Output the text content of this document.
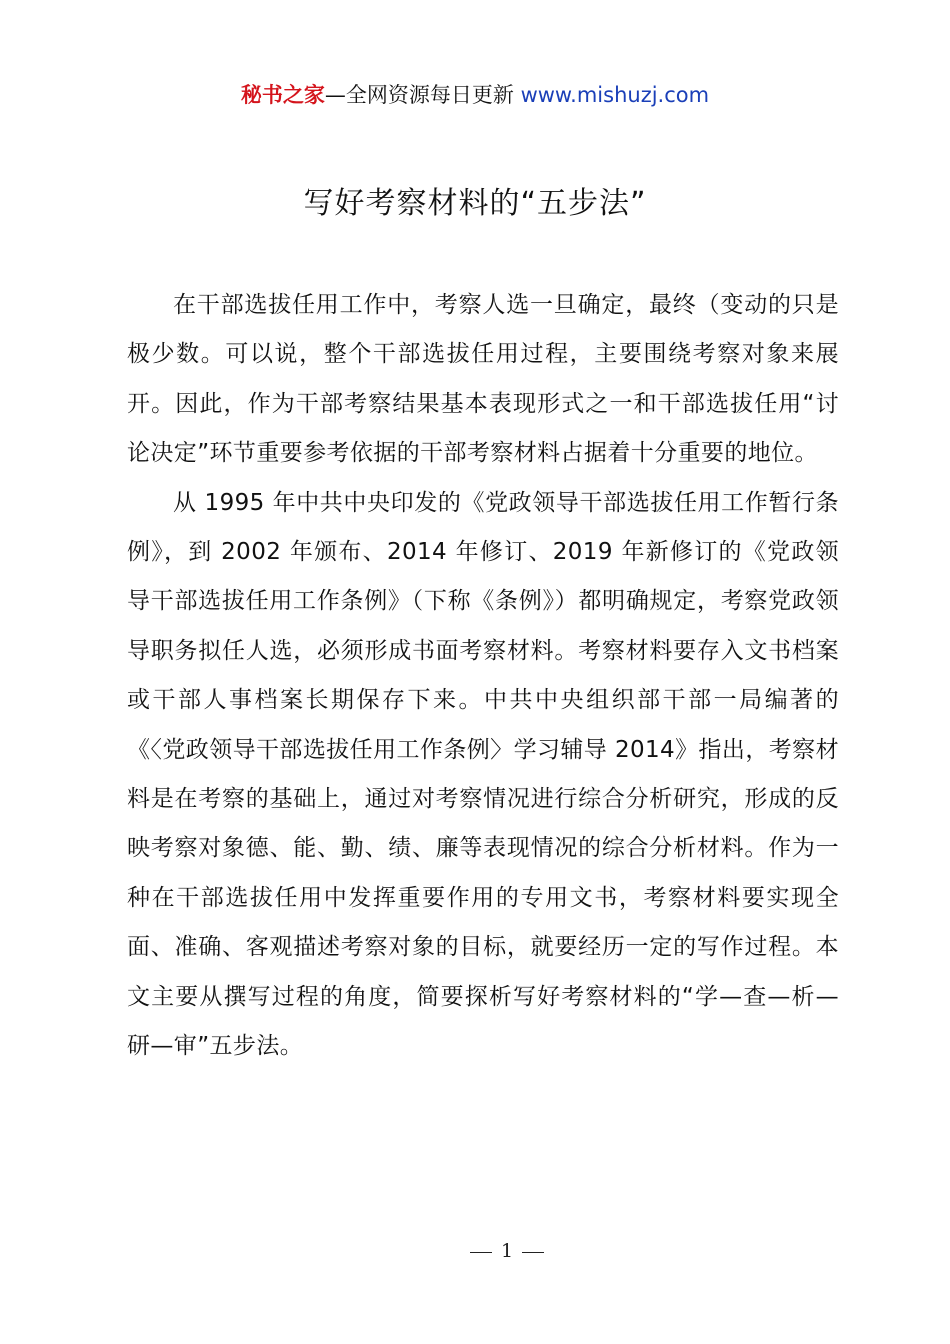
秘书之家—全网资源每日更新 www.mishuzj.com
写好考察材料的“五步法”

在干部选拔任用工作中，考察人选一旦确定，最终（变动的只是极少数。可以说，整个干部选拔任用过程，主要围绕考察对象来展开。因此，作为干部考察结果基本表现形式之一和干部选拔任用“讨论决定”环节重要参考依据的干部考察材料占据着十分重要的地位。

从 1995 年中共中央印发的《党政领导干部选拔任用工作暂行条例》，到 2002 年颁布、2014 年修订、2019 年新修订的《党政领导干部选拔任用工作条例》（下称《条例》）都明确规定，考察党政领导职务拟任人选，必须形成书面考察材料。考察材料要存入文书档案或干部人事档案长期保存下来。中共中央组织部干部一局编著的《〈党政领导干部选拔任用工作条例〉学习辅导 2014》指出，考察材料是在考察的基础上，通过对考察情况进行综合分析研究，形成的反映考察对象德、能、勤、绩、廉等表现情况的综合分析材料。作为一种在干部选拔任用中发挥重要作用的专用文书，考察材料要实现全面、准确、客观描述考察对象的目标，就要经历一定的写作过程。本文主要从撰写过程的角度，简要探析写好考察材料的“学—查—析—研—审”五步法。

1
